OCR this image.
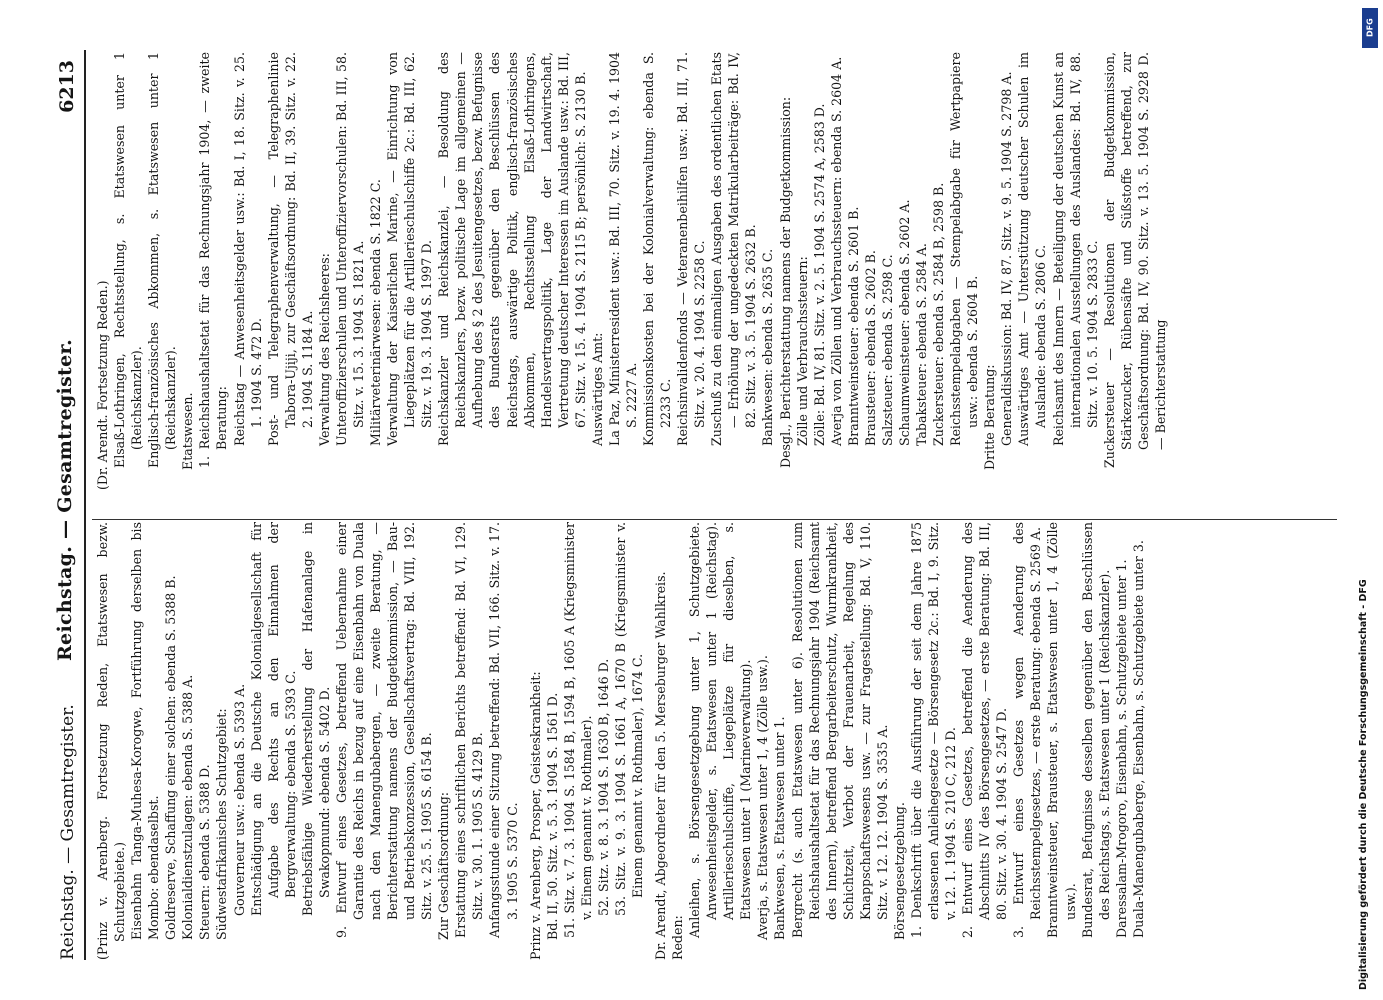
Reichstag. — Gesamtregister.
Reichstag. — Gesamtregister.
6213

(Prinz v. Arenberg. Fortsetzung Reden, Etatswesen bezw. Schutzgebiete.) Eisenbahn Tanga-Muhesa-Korogwe, Fortführung derselben bis Mombo: ebendaselbst. Goldreserve, Schaffung einer solchen: ebenda S. 5388 B. Kolonialdienstzulagen: ebenda S. 5388 A. Steuern: ebenda S. 5388 D. Südwestafrikanisches Schutzgebiet: Gouverneur usw.: ebenda S. 5393 A. Entschädigung an die Deutsche Kolonialgesellschaft für Aufgabe des Rechts an den Einnahmen der Bergverwaltung: ebenda S. 5393 C. Betriebsfähige Wiederherstellung der Hafenanlage in Swakopmund: ebenda S. 5402 D. 9. Entwurf eines Gesetzes, betreffend Uebernahme einer Garantie des Reichs in bezug auf eine Eisenbahn von Duala nach den Manengubabergen, — zweite Beratung, — Berichterstattung namens der Budgetkommission, — Bau- und Betriebskonzession, Gesellschaftsvertrag: Bd. VIII, 192. Sitz. v. 25. 5. 1905 S. 6154 B. Zur Geschäftsordnung: Erstattung eines schriftlichen Berichts betreffend: Bd. VI, 129. Sitz. v. 30. 1. 1905 S. 4129 B. Anfangsstunde einer Sitzung betreffend: Bd. VII, 166. Sitz. v. 17. 3. 1905 S. 5370 C. Prinz v. Arenberg, Prosper, Geisteskrankheit: Bd. II, 50. Sitz. v. 5. 3. 1904 S. 1561 D. 51. Sitz. v. 7. 3. 1904 S. 1584 B, 1594 B, 1605 A (Kriegsminister v. Einem genannt v. Rothmaler). 52. Sitz. v. 8. 3. 1904 S. 1630 B, 1646 D. 53. Sitz. v. 9. 3. 1904 S. 1661 A, 1670 B (Kriegsminister v. Einem genannt v. Rothmaler), 1674 C. Dr. Arendt, Abgeordneter für den 5. Merseburger Wahlkreis. Reden: Anleihen, s. Börsengesetzgebung unter 1, Schutzgebiete. Anwesenheitsgelder, s. Etatswesen unter 1 (Reichstag). Artillerieschulschiffe, Liegeplätze für dieselben, s. Etatswesen unter 1 (Marineverwaltung). Averja, s. Etatswesen unter 1, 4 (Zölle usw.). Bankwesen, s. Etatswesen unter 1. Bergrecht (s. auch Etatswesen unter 6). Resolutionen zum Reichshaushaltsetat für das Rechnungsjahr 1904 (Reichsamt des Innern), betreffend Bergarbeiterschutz, Wurmkrankheit, Schichtzeit, Verbot der Frauenarbeit, Regelung des Knappschaftswesens usw. — zur Fragestellung: Bd. V, 110. Sitz. v. 12. 12. 1904 S. 3535 A. Börsengesetzgebung. 1. Denkschrift über die Ausführung der seit dem Jahre 1875 erlassenen Anleihegesetze — Börsengesetz 2c.: Bd. I, 9. Sitz. v. 12. 1. 1904 S. 210 C, 212 D. 2. Entwurf eines Gesetzes, betreffend die Aenderung des Abschnitts IV des Börsengesetzes, — erste Beratung: Bd. III, 80. Sitz. v. 30. 4. 1904 S. 2547 D. 3. Entwurf eines Gesetzes wegen Aenderung des Reichsstempelgesetzes, — erste Beratung: ebenda S. 2569 A. Branntweinsteuer, Brausteuer, s. Etatswesen unter 1, 4 (Zölle usw.). Bundesrat, Befugnisse desselben gegenüber den Beschlüssen des Reichstags, s. Etatswesen unter 1 (Reichskanzler). Daressalam-Mrogoro, Eisenbahn, s. Schutzgebiete unter 1. Duala-Manengubaberge, Eisenbahn, s. Schutzgebiete unter 3.

(Dr. Arendt. Fortsetzung Reden.) Elsaß-Lothringen, Rechtsstellung, s. Etatswesen unter 1 (Reichskanzler). Englisch-französisches Abkommen, s. Etatswesen unter 1 (Reichskanzler). Etatswesen. 1. Reichshaushaltsetat für das Rechnungsjahr 1904, — zweite Beratung: Reichstag — Anwesenheitsgelder usw.: Bd. I, 18. Sitz. v. 25. 1. 1904 S. 472 D. Post- und Telegraphenverwaltung, — Telegraphenlinie Tabora-Ujiji, zur Geschäftsordnung: Bd. II, 39. Sitz. v. 22. 2. 1904 S. 1184 A. Verwaltung des Reichsheeres: Unteroffizierschulen und Unteroffiziervorschulen: Bd. III, 58. Sitz. v. 15. 3. 1904 S. 1821 A. Militärveterinärwesen: ebenda S. 1822 C. Verwaltung der Kaiserlichen Marine, — Einrichtung von Liegeplätzen für die Artillerieschulschiffe 2c.: Bd. III, 62. Sitz. v. 19. 3. 1904 S. 1997 D. Reichskanzler und Reichskanzlei, — Besoldung des Reichskanzlers, bezw. politische Lage im allgemeinen — Aufhebung des § 2 des Jesuitengesetzes, bezw. Befugnisse des Bundesrats gegenüber den Beschlüssen des Reichstags, auswärtige Politik, englisch-französisches Abkommen, Rechtsstellung Elsaß-Lothringens, Handelsvertragspolitik, Lage der Landwirtschaft, Vertretung deutscher Interessen im Auslande usw.: Bd. III, 67. Sitz. v. 15. 4. 1904 S. 2115 B; persönlich: S. 2130 B. Auswärtiges Amt: La Paz, Ministerresident usw.: Bd. III, 70. Sitz. v. 19. 4. 1904 S. 2227 A. Kommissionskosten bei der Kolonialverwaltung: ebenda S. 2233 C. Reichsinvalidenfonds — Veteranenbeihilfen usw.: Bd. III, 71. Sitz. v. 20. 4. 1904 S. 2258 C. Zuschuß zu den einmaligen Ausgaben des ordentlichen Etats — Erhöhung der ungedeckten Matrikularbeiträge: Bd. IV, 82. Sitz. v. 3. 5. 1904 S. 2632 B. Bankwesen: ebenda S. 2635 C. Desgl., Berichterstattung namens der Budgetkommission: Zölle und Verbrauchssteuern: Zölle: Bd. IV, 81. Sitz. v. 2. 5. 1904 S. 2574 A, 2583 D. Averja von Zöllen und Verbrauchssteuern: ebenda S. 2604 A. Branntweinsteuer: ebenda S. 2601 B. Brausteuer: ebenda S. 2602 B. Salzsteuer: ebenda S. 2598 C. Schaumweinsteuer: ebenda S. 2602 A. Tabaksteuer: ebenda S. 2584 A. Zuckersteuer: ebenda S. 2584 B, 2598 B. Reichsstempelabgaben — Stempelabgabe für Wertpapiere usw.: ebenda S. 2604 B. Dritte Beratung: Generaldiskussion: Bd. IV, 87. Sitz. v. 9. 5. 1904 S. 2798 A. Auswärtiges Amt — Unterstützung deutscher Schulen im Auslande: ebenda S. 2806 C. Reichsamt des Innern — Beteiligung der deutschen Kunst an internationalen Ausstellungen des Auslandes: Bd. IV, 88. Sitz. v. 10. 5. 1904 S. 2833 C. Zuckersteuer — Resolutionen der Budgetkommission, Stärkezucker, Rübensäfte und Süßstoffe betreffend, zur Geschäftsordnung: Bd. IV, 90. Sitz. v. 13. 5. 1904 S. 2928 D. — Berichterstattung

Digitalisierung gefördert durch die Deutsche Forschungsgemeinschaft - DFG
DFG
